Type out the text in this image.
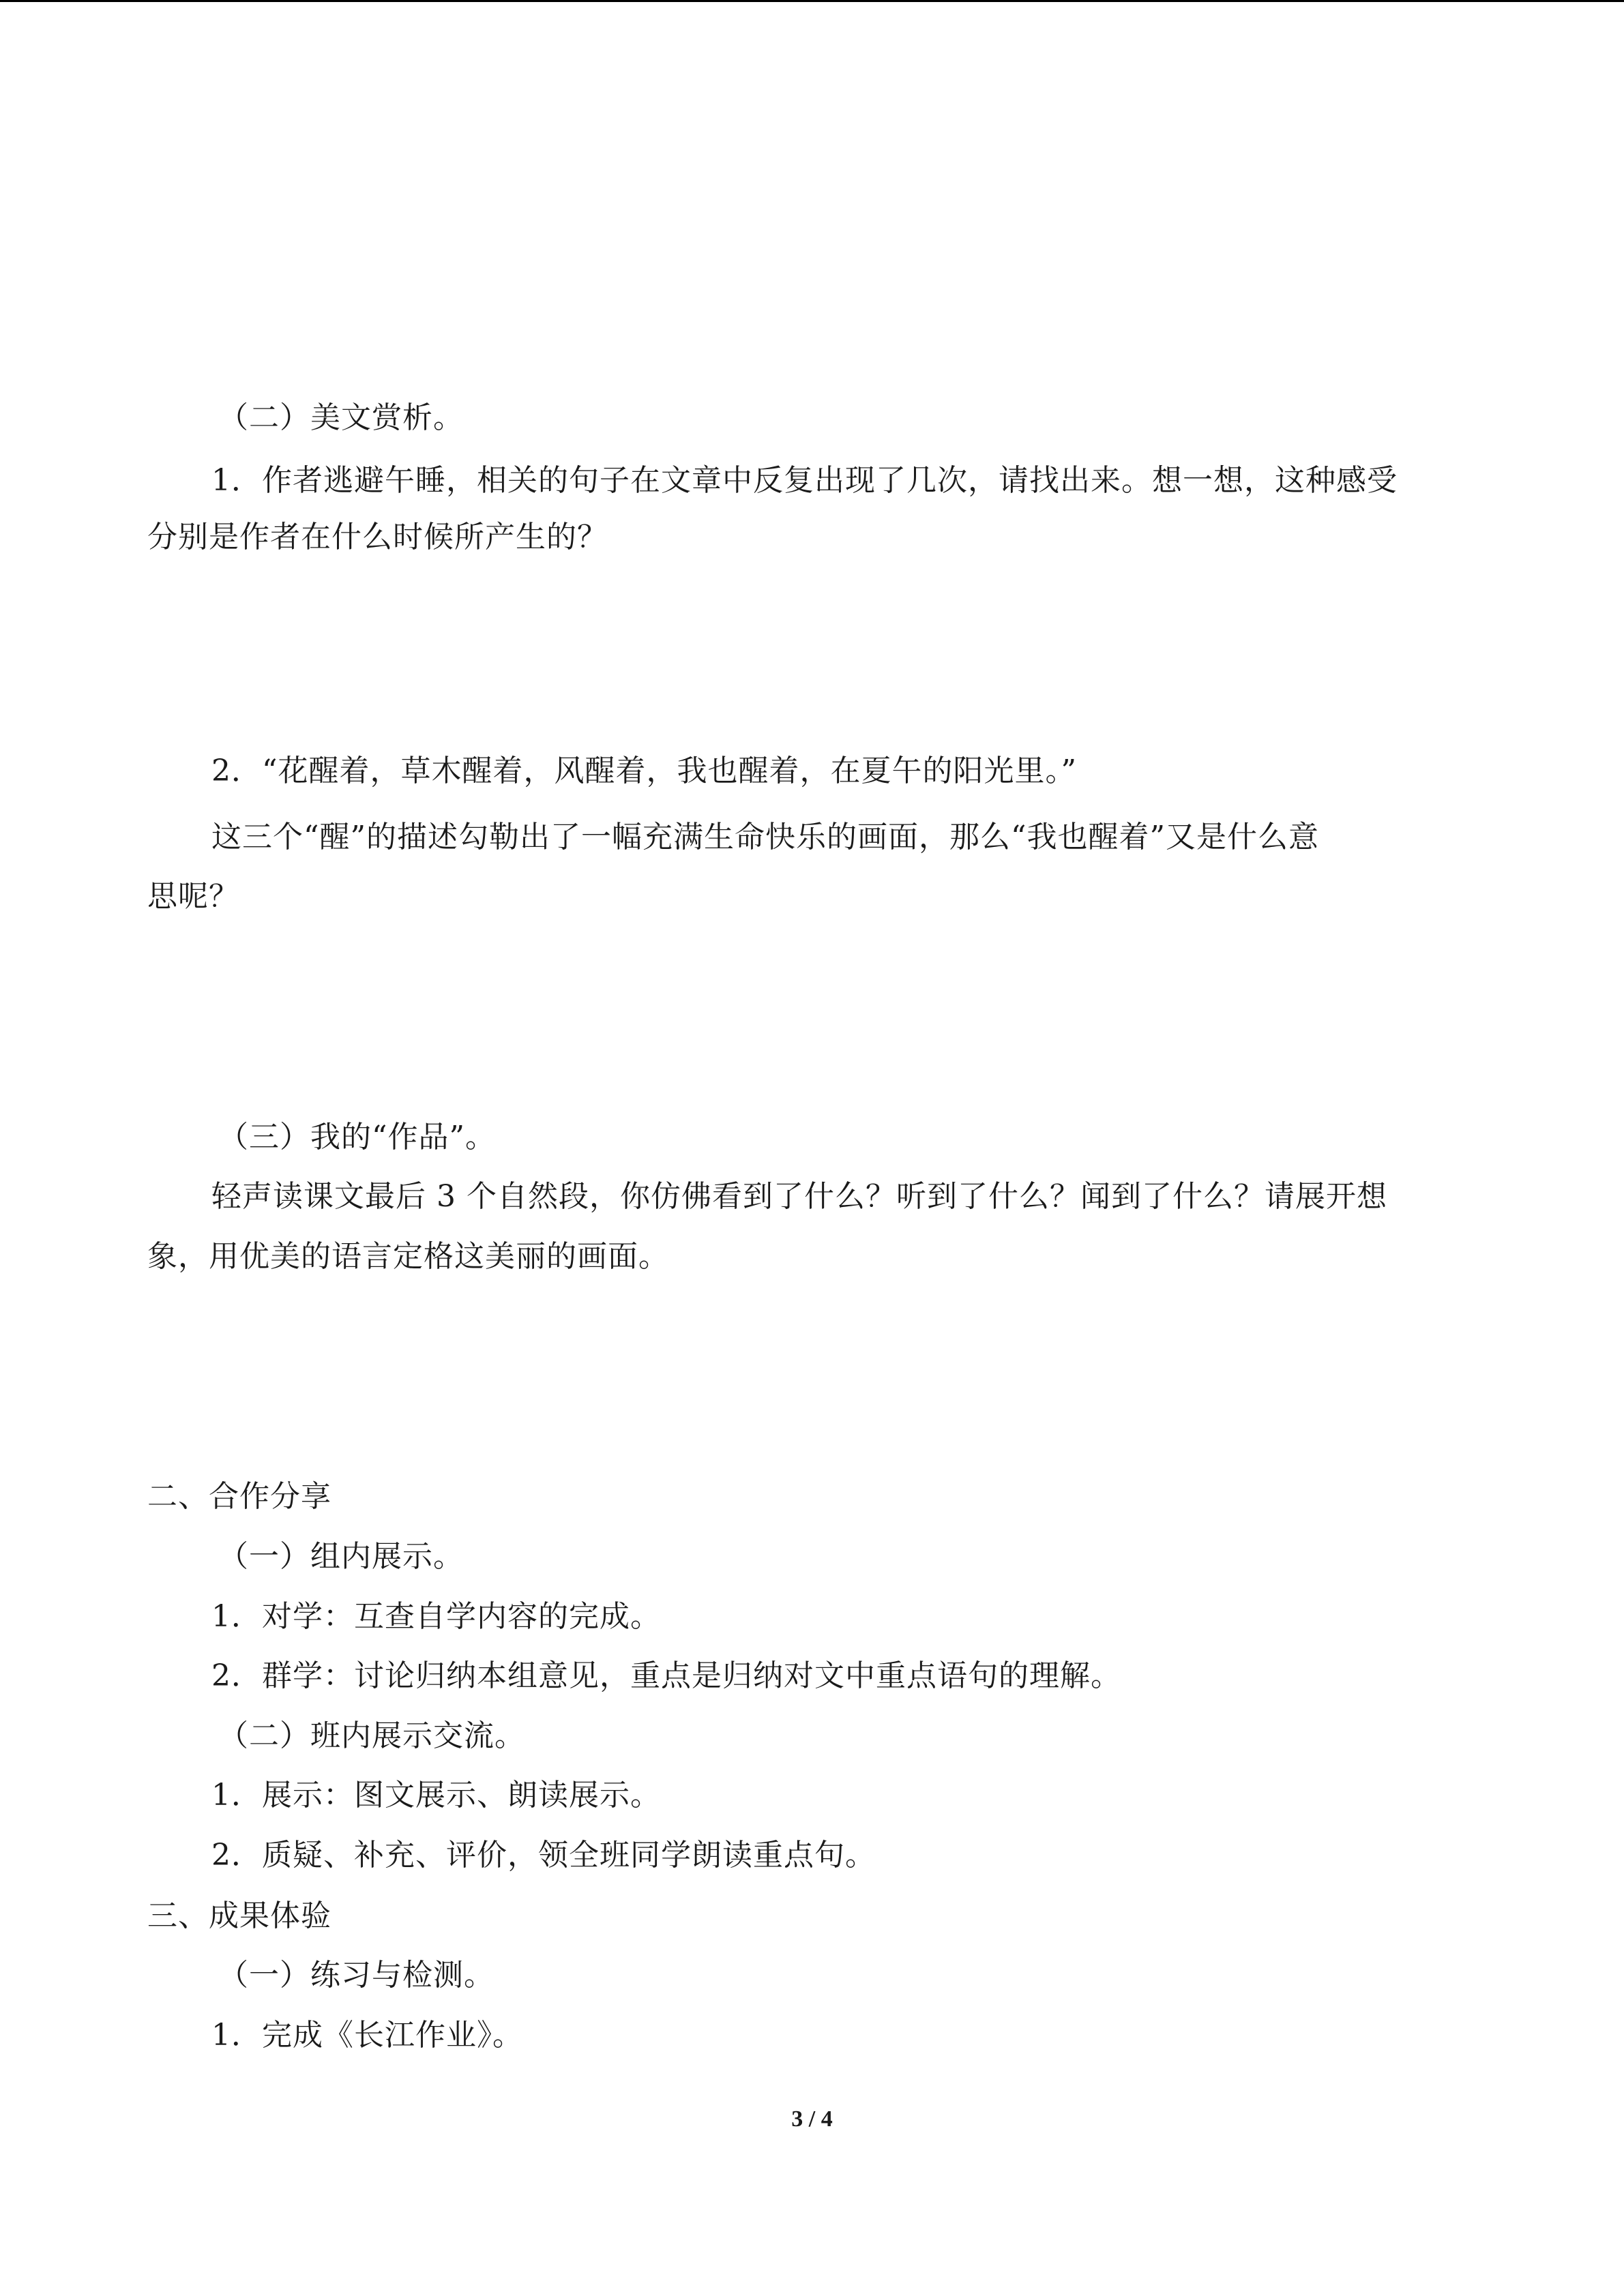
（二）美文赏析。
1．作者逃避午睡，相关的句子在文章中反复出现了几次，请找出来。想一想，这种感受
分别是作者在什么时候所产生的？
2．“花醒着，草木醒着，风醒着，我也醒着，在夏午的阳光里。”
这三个“醒”的描述勾勒出了一幅充满生命快乐的画面，那么“我也醒着”又是什么意
思呢？
（三）我的“作品”。
轻声读课文最后 3 个自然段，你仿佛看到了什么？听到了什么？闻到了什么？请展开想
象，用优美的语言定格这美丽的画面。
二、合作分享
（一）组内展示。
1．对学：互查自学内容的完成。
2．群学：讨论归纳本组意见，重点是归纳对文中重点语句的理解。
（二）班内展示交流。
1．展示：图文展示、朗读展示。
2．质疑、补充、评价，领全班同学朗读重点句。
三、成果体验
（一）练习与检测。
1．完成《长江作业》。
3 / 4
